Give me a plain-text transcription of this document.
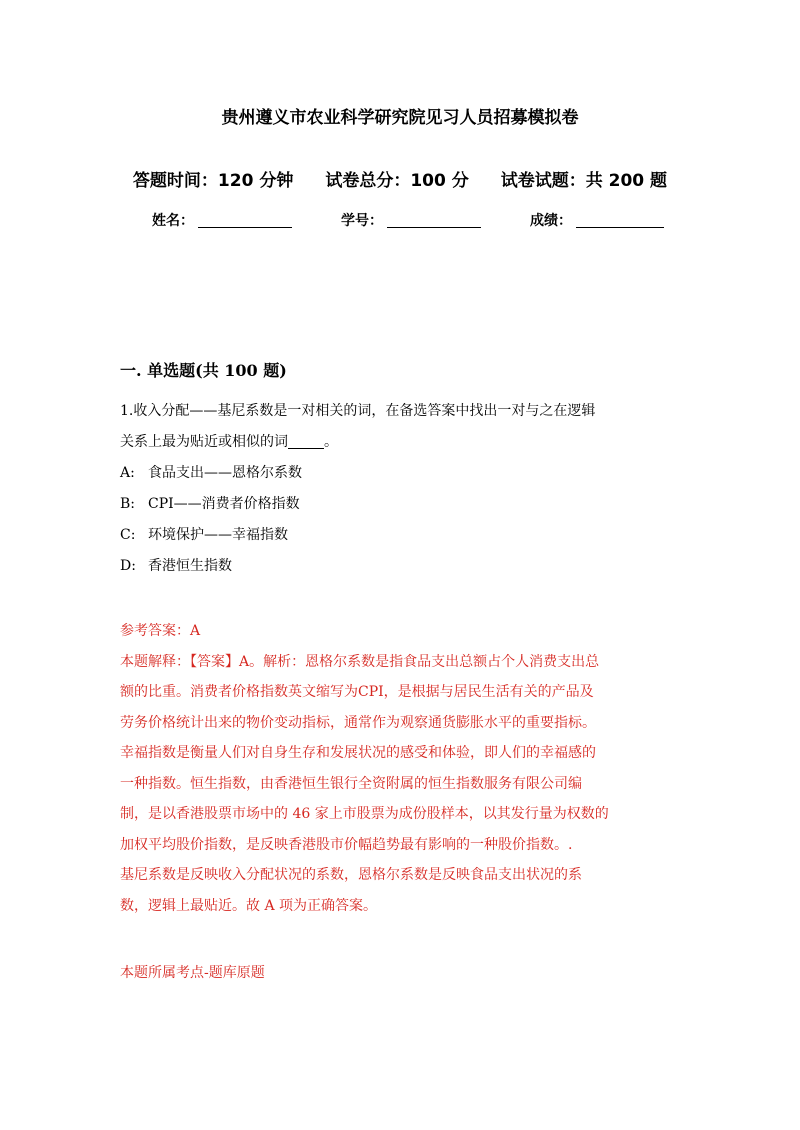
贵州遵义市农业科学研究院见习人员招募模拟卷
答题时间：120 分钟 试卷总分：100 分 试卷试题：共 200 题
姓名：	学号：	成绩：
一. 单选题(共 100 题)

1.收入分配——基尼系数是一对相关的词，在备选答案中找出一对与之在逻辑

关系上最为贴近或相似的词	。

A: 食品支出——恩格尔系数

B: CPI——消费者价格指数

C: 环境保护——幸福指数

D: 香港恒生指数

参考答案：A

本题解释：【答案】A。解析：恩格尔系数是指食品支出总额占个人消费支出总

额的比重。消费者价格指数英文缩写为CPI，是根据与居民生活有关的产品及

劳务价格统计出来的物价变动指标，通常作为观察通货膨胀水平的重要指标。

幸福指数是衡量人们对自身生存和发展状况的感受和体验，即人们的幸福感的

一种指数。恒生指数，由香港恒生银行全资附属的恒生指数服务有限公司编

制，是以香港股票市场中的 46 家上市股票为成份股样本，以其发行量为权数的

加权平均股价指数，是反映香港股市价幅趋势最有影响的一种股价指数。.

基尼系数是反映收入分配状况的系数，恩格尔系数是反映食品支出状况的系

数，逻辑上最贴近。故 A 项为正确答案。

本题所属考点-题库原题
